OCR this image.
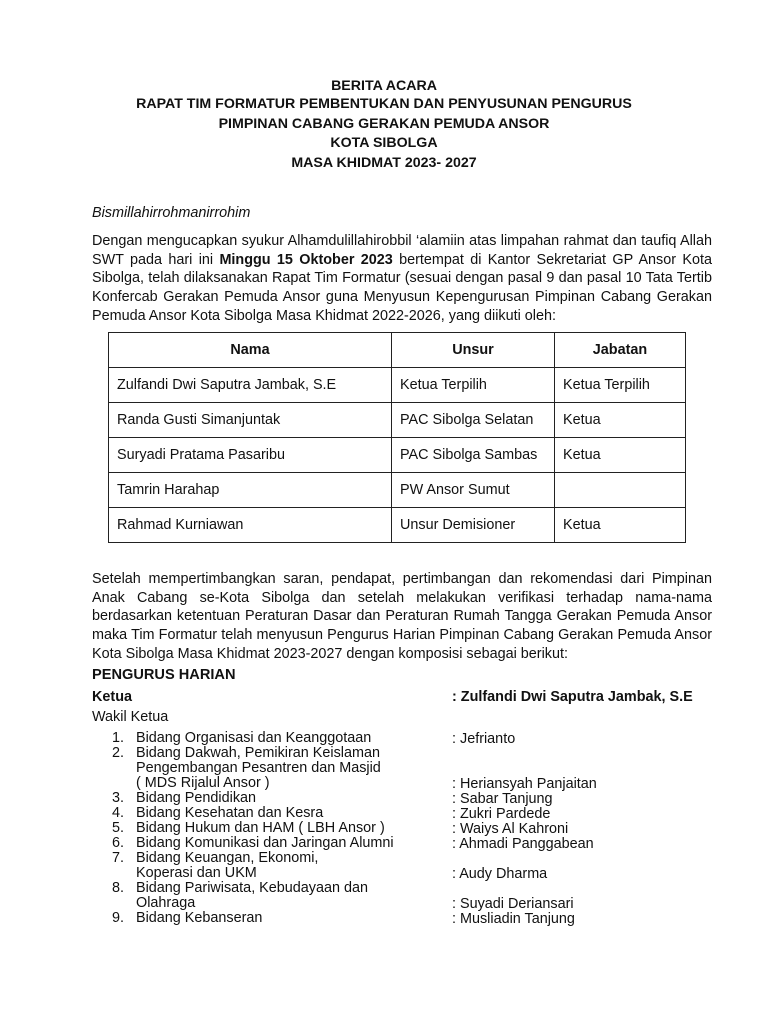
BERITA ACARA
RAPAT TIM FORMATUR PEMBENTUKAN DAN PENYUSUNAN PENGURUS
PIMPINAN CABANG GERAKAN PEMUDA ANSOR
KOTA SIBOLGA
MASA KHIDMAT 2023- 2027
Bismillahirrohmanirrohim

Dengan mengucapkan syukur Alhamdulillahirobbil ‘alamiin atas limpahan rahmat dan taufiq Allah SWT pada hari ini Minggu 15 Oktober 2023 bertempat di Kantor Sekretariat GP Ansor Kota Sibolga, telah dilaksanakan Rapat Tim Formatur (sesuai dengan pasal 9 dan pasal 10 Tata Tertib Konfercab Gerakan Pemuda Ansor guna Menyusun Kepengurusan Pimpinan Cabang Gerakan Pemuda Ansor Kota Sibolga Masa Khidmat 2022-2026, yang diikuti oleh:

Nama	Unsur	Jabatan
Zulfandi Dwi Saputra Jambak, S.E	Ketua Terpilih	Ketua Terpilih
Randa Gusti Simanjuntak	PAC Sibolga Selatan	Ketua
Suryadi Pratama Pasaribu	PAC Sibolga Sambas	Ketua
Tamrin Harahap	PW Ansor Sumut	
Rahmad Kurniawan	Unsur Demisioner	Ketua

Setelah mempertimbangkan saran, pendapat, pertimbangan dan rekomendasi dari Pimpinan Anak Cabang se-Kota Sibolga dan setelah melakukan verifikasi terhadap nama-nama berdasarkan ketentuan Peraturan Dasar dan Peraturan Rumah Tangga Gerakan Pemuda Ansor maka Tim Formatur telah menyusun Pengurus Harian Pimpinan Cabang Gerakan Pemuda Ansor Kota Sibolga Masa Khidmat 2023-2027 dengan komposisi sebagai berikut:

PENGURUS HARIAN
Ketua	: Zulfandi Dwi Saputra Jambak, S.E
Wakil Ketua
1. Bidang Organisasi dan Keanggotaan	: Jefrianto
2. Bidang Dakwah, Pemikiran Keislaman
Pengembangan Pesantren dan Masjid
( MDS Rijalul Ansor )	: Heriansyah Panjaitan
3. Bidang Pendidikan	: Sabar Tanjung
4. Bidang Kesehatan dan Kesra	: Zukri Pardede
5. Bidang Hukum dan HAM ( LBH Ansor )	: Waiys Al Kahroni
6. Bidang Komunikasi dan Jaringan Alumni	: Ahmadi Panggabean
7. Bidang Keuangan, Ekonomi,
Koperasi dan UKM	: Audy Dharma
8. Bidang Pariwisata, Kebudayaan dan
Olahraga	: Suyadi Deriansari
9. Bidang Kebanseran	: Musliadin Tanjung
